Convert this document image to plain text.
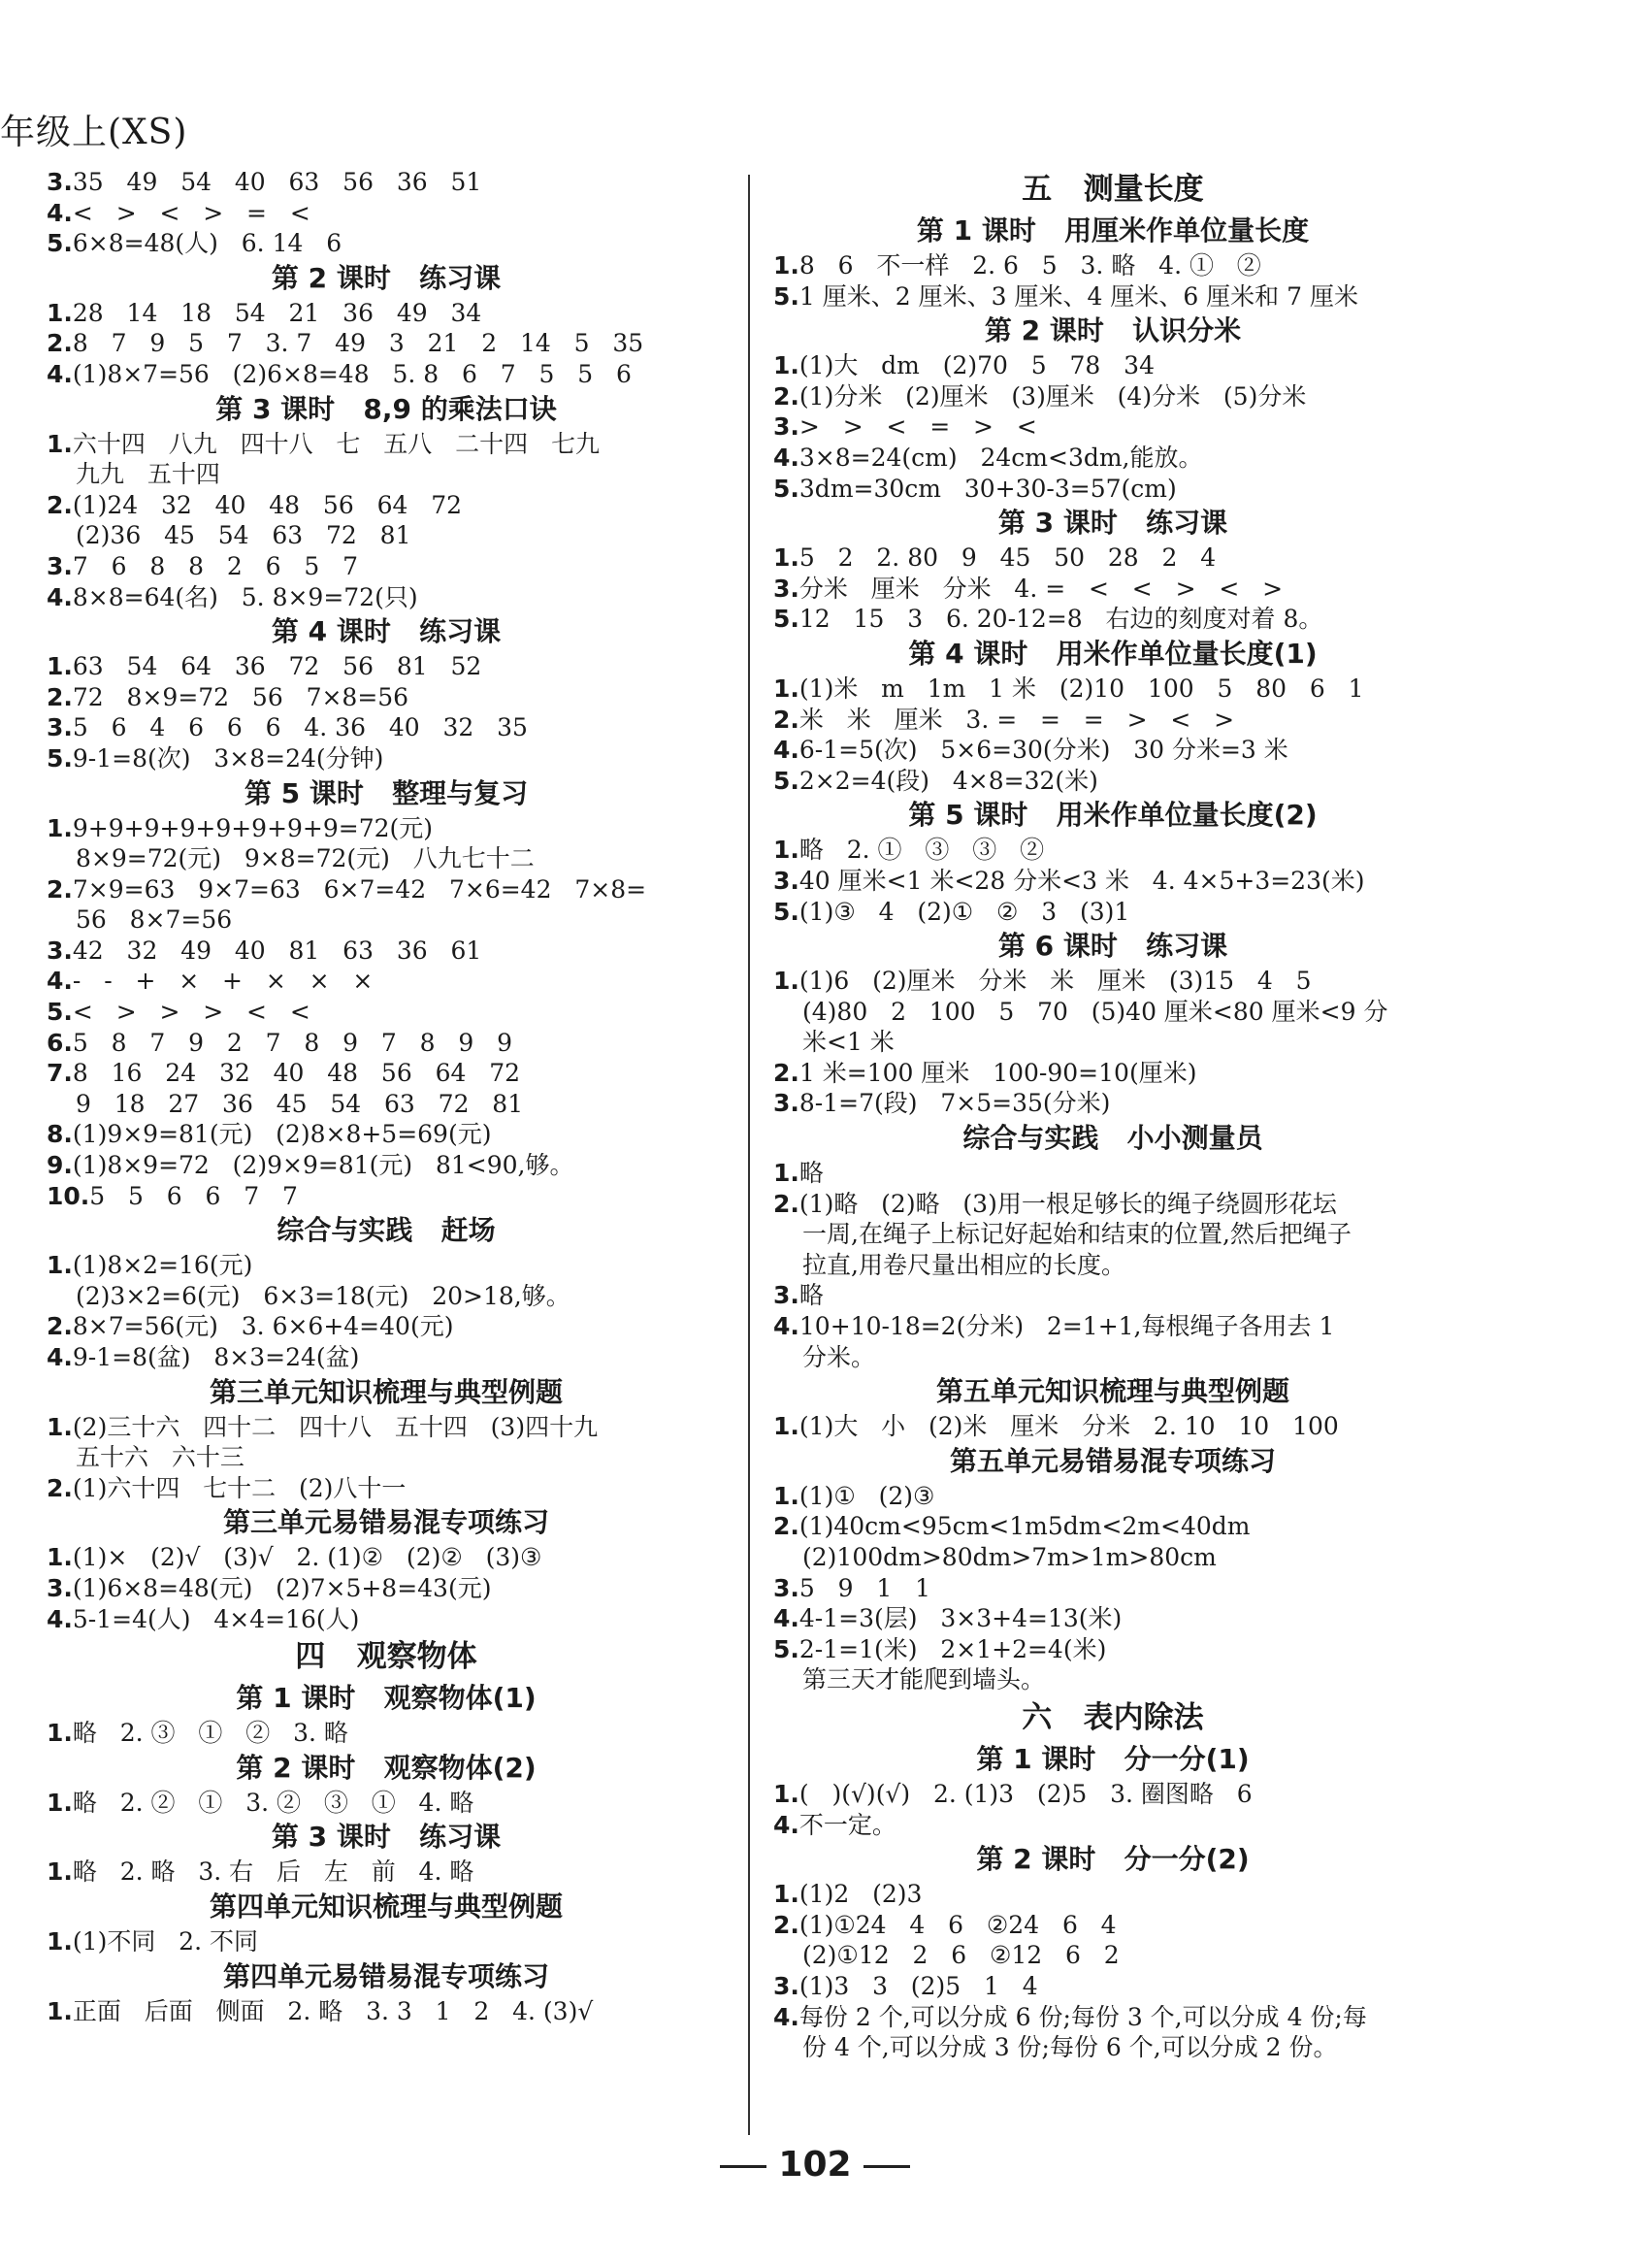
年级上(XS)
3.35   49   54   40   63   56   36   51
4.<   >   <   >   =   <
5.6×8=48(人)   6. 14   6
第 2 课时   练习课
1.28   14   18   54   21   36   49   34
2.8   7   9   5   7   3. 7   49   3   21   2   14   5   35
4.(1)8×7=56   (2)6×8=48   5. 8   6   7   5   5   6
第 3 课时   8,9 的乘法口诀
1.六十四   八九   四十八   七   五八   二十四   七九
九九   五十四
2.(1)24   32   40   48   56   64   72
(2)36   45   54   63   72   81
3.7   6   8   8   2   6   5   7
4.8×8=64(名)   5. 8×9=72(只)
第 4 课时   练习课
1.63   54   64   36   72   56   81   52
2.72   8×9=72   56   7×8=56
3.5   6   4   6   6   6   4. 36   40   32   35
5.9-1=8(次)   3×8=24(分钟)
第 5 课时   整理与复习
1.9+9+9+9+9+9+9+9=72(元)
8×9=72(元)   9×8=72(元)   八九七十二
2.7×9=63   9×7=63   6×7=42   7×6=42   7×8=
56   8×7=56
3.42   32   49   40   81   63   36   61
4.-   -   +   ×   +   ×   ×   ×
5.<   >   >   >   <   <
6.5   8   7   9   2   7   8   9   7   8   9   9
7.8   16   24   32   40   48   56   64   72
9   18   27   36   45   54   63   72   81
8.(1)9×9=81(元)   (2)8×8+5=69(元)
9.(1)8×9=72   (2)9×9=81(元)   81<90,够。
10.5   5   6   6   7   7
综合与实践   赶场
1.(1)8×2=16(元)
(2)3×2=6(元)   6×3=18(元)   20>18,够。
2.8×7=56(元)   3. 6×6+4=40(元)
4.9-1=8(盆)   8×3=24(盆)
第三单元知识梳理与典型例题
1.(2)三十六   四十二   四十八   五十四   (3)四十九
五十六   六十三
2.(1)六十四   七十二   (2)八十一
第三单元易错易混专项练习
1.(1)×   (2)√   (3)√   2. (1)②   (2)②   (3)③
3.(1)6×8=48(元)   (2)7×5+8=43(元)
4.5-1=4(人)   4×4=16(人)
四   观察物体
第 1 课时   观察物体(1)
1.略   2. ③   ①   ②   3. 略
第 2 课时   观察物体(2)
1.略   2. ②   ①   3. ②   ③   ①   4. 略
第 3 课时   练习课
1.略   2. 略   3. 右   后   左   前   4. 略
第四单元知识梳理与典型例题
1.(1)不同   2. 不同
第四单元易错易混专项练习
1.正面   后面   侧面   2. 略   3. 3   1   2   4. (3)√
五   测量长度
第 1 课时   用厘米作单位量长度
1.8   6   不一样   2. 6   5   3. 略   4. ①   ②
5.1 厘米、2 厘米、3 厘米、4 厘米、6 厘米和 7 厘米
第 2 课时   认识分米
1.(1)大   dm   (2)70   5   78   34
2.(1)分米   (2)厘米   (3)厘米   (4)分米   (5)分米
3.>   >   <   =   >   <
4.3×8=24(cm)   24cm<3dm,能放。
5.3dm=30cm   30+30-3=57(cm)
第 3 课时   练习课
1.5   2   2. 80   9   45   50   28   2   4
3.分米   厘米   分米   4. =   <   <   >   <   >
5.12   15   3   6. 20-12=8   右边的刻度对着 8。
第 4 课时   用米作单位量长度(1)
1.(1)米   m   1m   1 米   (2)10   100   5   80   6   1
2.米   米   厘米   3. =   =   =   >   <   >
4.6-1=5(次)   5×6=30(分米)   30 分米=3 米
5.2×2=4(段)   4×8=32(米)
第 5 课时   用米作单位量长度(2)
1.略   2. ①   ③   ③   ②
3.40 厘米<1 米<28 分米<3 米   4. 4×5+3=23(米)
5.(1)③   4   (2)①   ②   3   (3)1
第 6 课时   练习课
1.(1)6   (2)厘米   分米   米   厘米   (3)15   4   5
(4)80   2   100   5   70   (5)40 厘米<80 厘米<9 分
米<1 米
2.1 米=100 厘米   100-90=10(厘米)
3.8-1=7(段)   7×5=35(分米)
综合与实践   小小测量员
1.略
2.(1)略   (2)略   (3)用一根足够长的绳子绕圆形花坛
一周,在绳子上标记好起始和结束的位置,然后把绳子
拉直,用卷尺量出相应的长度。
3.略
4.10+10-18=2(分米)   2=1+1,每根绳子各用去 1
分米。
第五单元知识梳理与典型例题
1.(1)大   小   (2)米   厘米   分米   2. 10   10   100
第五单元易错易混专项练习
1.(1)①   (2)③
2.(1)40cm<95cm<1m5dm<2m<40dm
(2)100dm>80dm>7m>1m>80cm
3.5   9   1   1
4.4-1=3(层)   3×3+4=13(米)
5.2-1=1(米)   2×1+2=4(米)
第三天才能爬到墙头。
六   表内除法
第 1 课时   分一分(1)
1.(   )(√)(√)   2. (1)3   (2)5   3. 圈图略   6
4.不一定。
第 2 课时   分一分(2)
1.(1)2   (2)3
2.(1)①24   4   6   ②24   6   4
(2)①12   2   6   ②12   6   2
3.(1)3   3   (2)5   1   4
4.每份 2 个,可以分成 6 份;每份 3 个,可以分成 4 份;每
份 4 个,可以分成 3 份;每份 6 个,可以分成 2 份。
102
